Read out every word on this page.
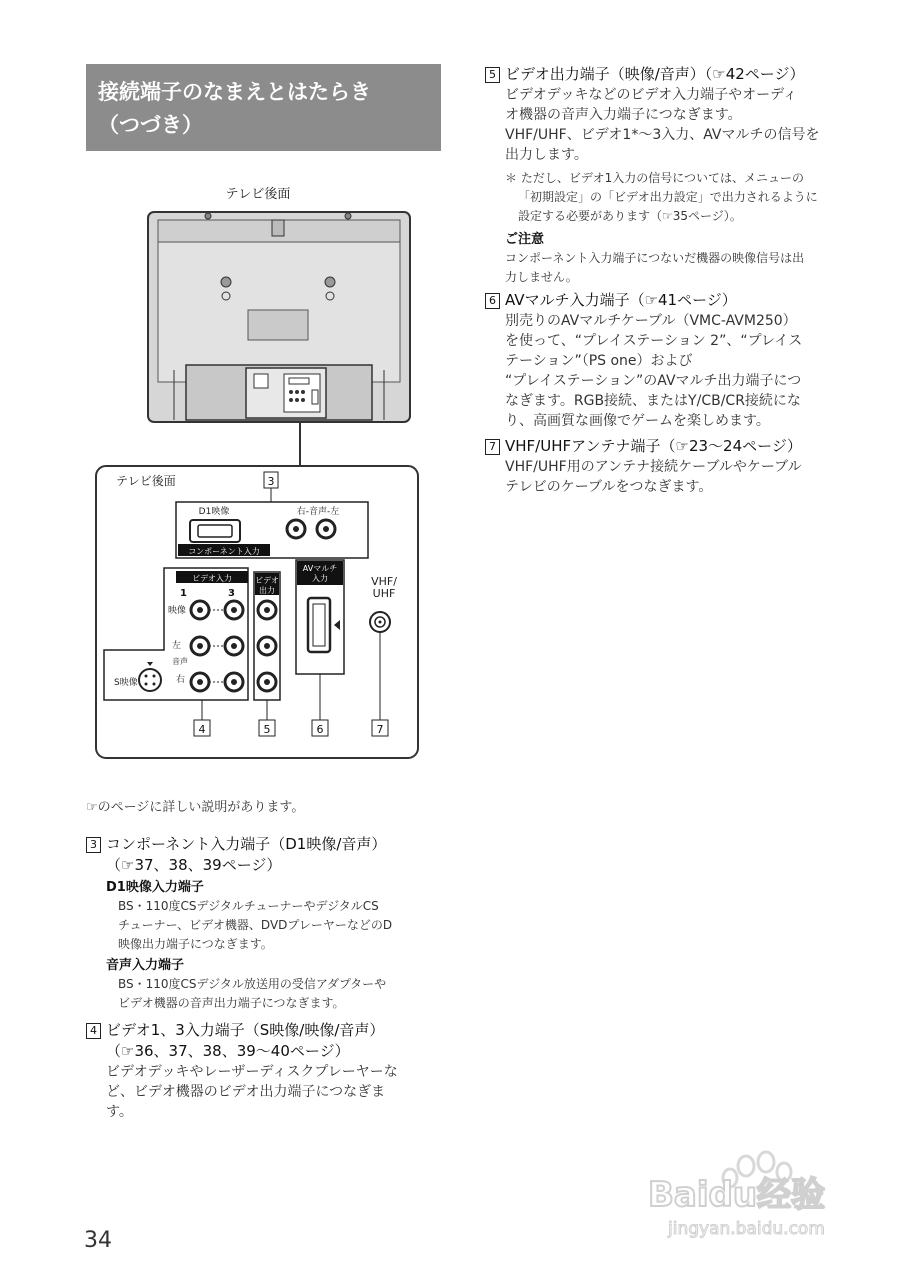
接続端子のなまえとはたらき
（つづき）
テレビ後面
テレビ後面	3
D1映像	右-音声-左
コンポーネント入力
ビデオ入力
1	3
映像
左
音声
右
S映像
ビデオ
出力
AVマルチ
入力	VHF/
UHF
4	5	6	7
☞のページに詳しい説明があります。
3 コンポーネント入力端子（D1映像/音声）
（☞37、38、39ページ）
D1映像入力端子
BS・110度CSデジタルチューナーやデジタルCS
チューナー、ビデオ機器、DVDプレーヤーなどのD
映像出力端子につなぎます。
音声入力端子
BS・110度CSデジタル放送用の受信アダプターや
ビデオ機器の音声出力端子につなぎます。
4 ビデオ1、3入力端子（S映像/映像/音声）
（☞36、37、38、39〜40ページ）
ビデオデッキやレーザーディスクプレーヤーな
ど、ビデオ機器のビデオ出力端子につなぎま
す。
5 ビデオ出力端子（映像/音声）（☞42ページ）
ビデオデッキなどのビデオ入力端子やオーディ
オ機器の音声入力端子につなぎます。
VHF/UHF、ビデオ1*〜3入力、AVマルチの信号を
出力します。
＊ ただし、ビデオ1入力の信号については、メニューの
「初期設定」の「ビデオ出力設定」で出力されるように
設定する必要があります（☞35ページ）。
ご注意
コンポーネント入力端子につないだ機器の映像信号は出
力しません。
6 AVマルチ入力端子（☞41ページ）
別売りのAVマルチケーブル（VMC-AVM250）
を使って、“プレイステーション 2”、“プレイス
テーション”（PS one）および
“プレイステーション”のAVマルチ出力端子につ
なぎます。RGB接続、またはY/CB/CR接続にな
り、高画質な画像でゲームを楽しめます。
7 VHF/UHFアンテナ端子（☞23〜24ページ）
VHF/UHF用のアンテナ接続ケーブルやケーブル
テレビのケーブルをつなぎます。
34
Baidu经验
jingyan.baidu.com
